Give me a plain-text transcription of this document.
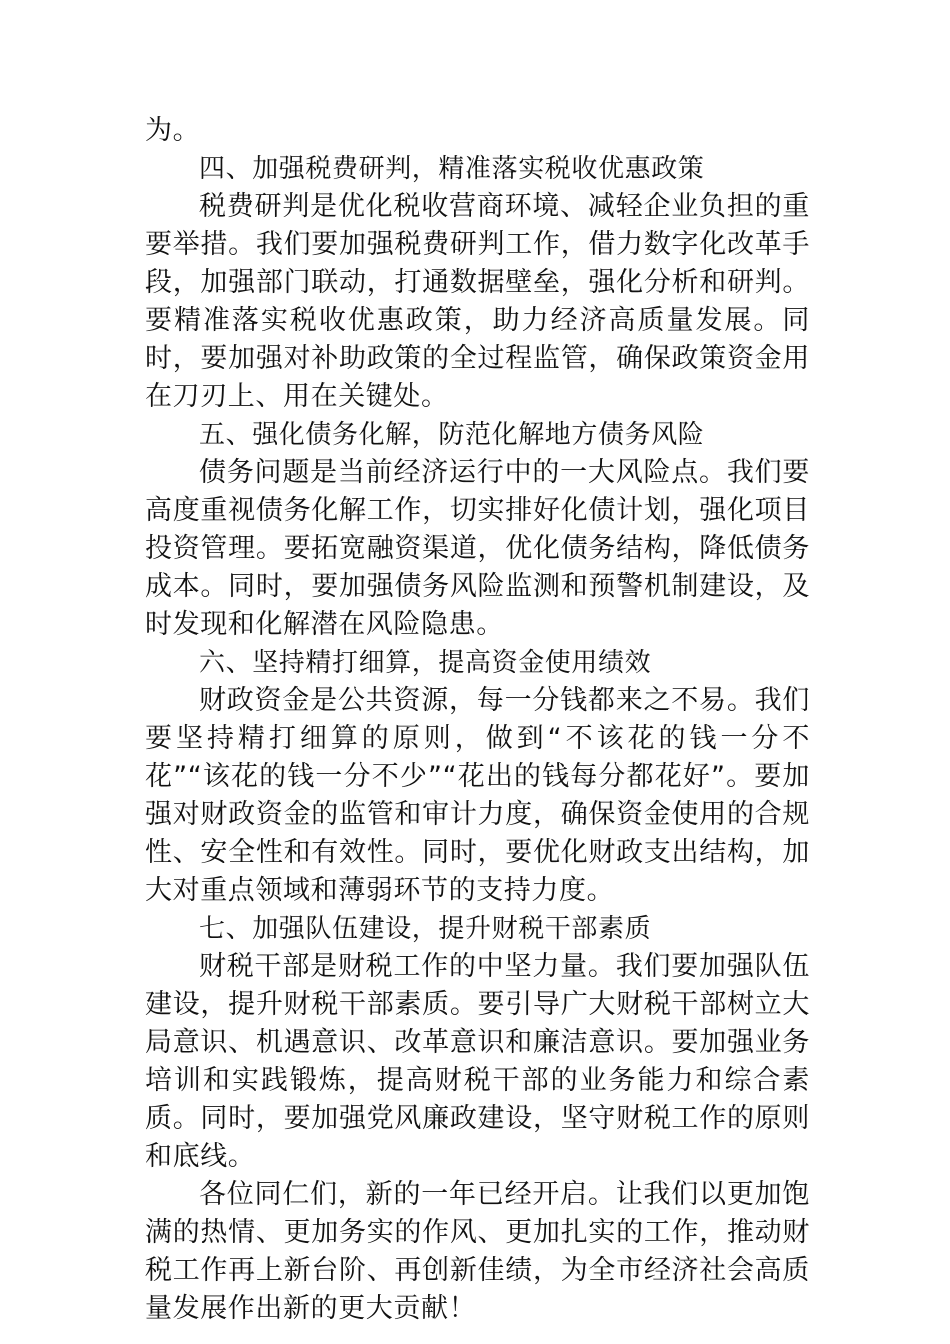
为。

四、加强税费研判，精准落实税收优惠政策

税费研判是优化税收营商环境、减轻企业负担的重要举措。我们要加强税费研判工作，借力数字化改革手段，加强部门联动，打通数据壁垒，强化分析和研判。要精准落实税收优惠政策，助力经济高质量发展。同时，要加强对补助政策的全过程监管，确保政策资金用在刀刃上、用在关键处。

五、强化债务化解，防范化解地方债务风险

债务问题是当前经济运行中的一大风险点。我们要高度重视债务化解工作，切实排好化债计划，强化项目投资管理。要拓宽融资渠道，优化债务结构，降低债务成本。同时，要加强债务风险监测和预警机制建设，及时发现和化解潜在风险隐患。

六、坚持精打细算，提高资金使用绩效

财政资金是公共资源，每一分钱都来之不易。我们要坚持精打细算的原则，做到“不该花的钱一分不花”“该花的钱一分不少”“花出的钱每分都花好”。要加强对财政资金的监管和审计力度，确保资金使用的合规性、安全性和有效性。同时，要优化财政支出结构，加大对重点领域和薄弱环节的支持力度。

七、加强队伍建设，提升财税干部素质

财税干部是财税工作的中坚力量。我们要加强队伍建设，提升财税干部素质。要引导广大财税干部树立大局意识、机遇意识、改革意识和廉洁意识。要加强业务培训和实践锻炼，提高财税干部的业务能力和综合素质。同时，要加强党风廉政建设，坚守财税工作的原则和底线。

各位同仁们，新的一年已经开启。让我们以更加饱满的热情、更加务实的作风、更加扎实的工作，推动财税工作再上新台阶、再创新佳绩，为全市经济社会高质量发展作出新的更大贡献！
